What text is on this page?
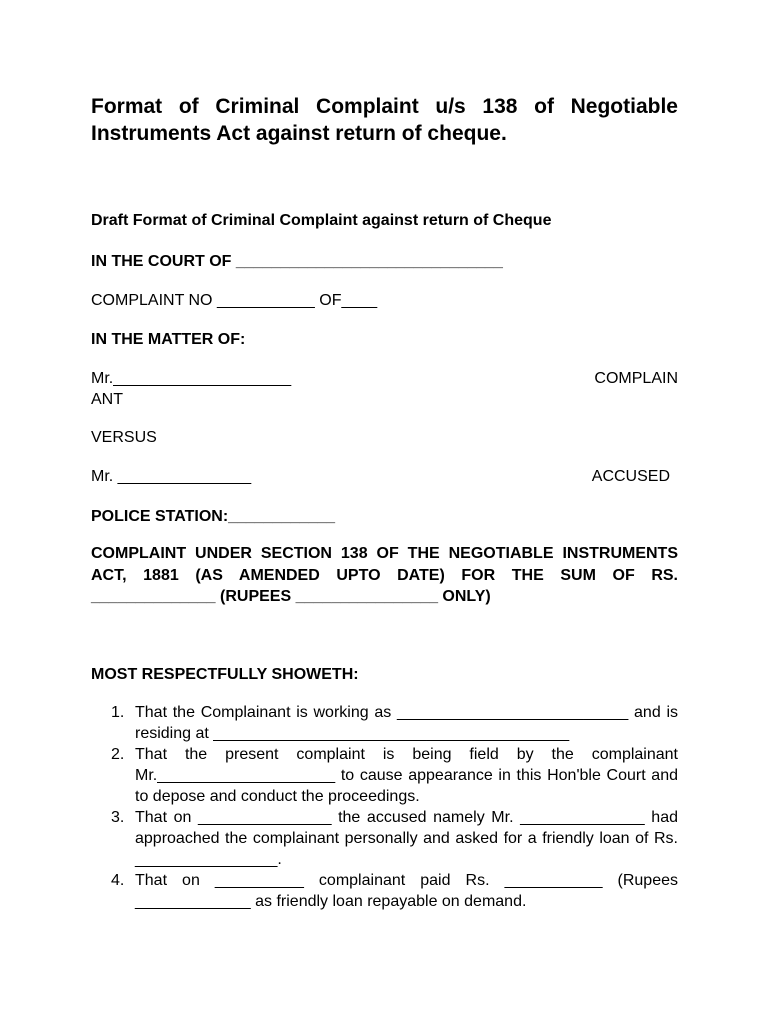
Format of Criminal Complaint u/s 138 of Negotiable Instruments Act against return of cheque.

Draft Format of Criminal Complaint against return of Cheque

IN THE COURT OF ______________________________

COMPLAINT NO ___________ OF____

IN THE MATTER OF:

Mr.____________________	COMPLAIN
ANT

VERSUS

Mr. _______________	ACCUSED

POLICE STATION:____________

COMPLAINT UNDER SECTION 138 OF THE NEGOTIABLE INSTRUMENTS ACT, 1881 (AS AMENDED UPTO DATE) FOR THE SUM OF RS. ______________ (RUPEES ________________ ONLY)

MOST RESPECTFULLY SHOWETH:

1. That the Complainant is working as __________________________ and is residing at ________________________________________
2. That the present complaint is being field by the complainant Mr.____________________ to cause appearance in this Hon'ble Court and to depose and conduct the proceedings.
3. That on _______________ the accused namely Mr. ______________ had approached the complainant personally and asked for a friendly loan of Rs. ________________.
4. That on __________ complainant paid Rs. ___________ (Rupees _____________ as friendly loan repayable on demand.
